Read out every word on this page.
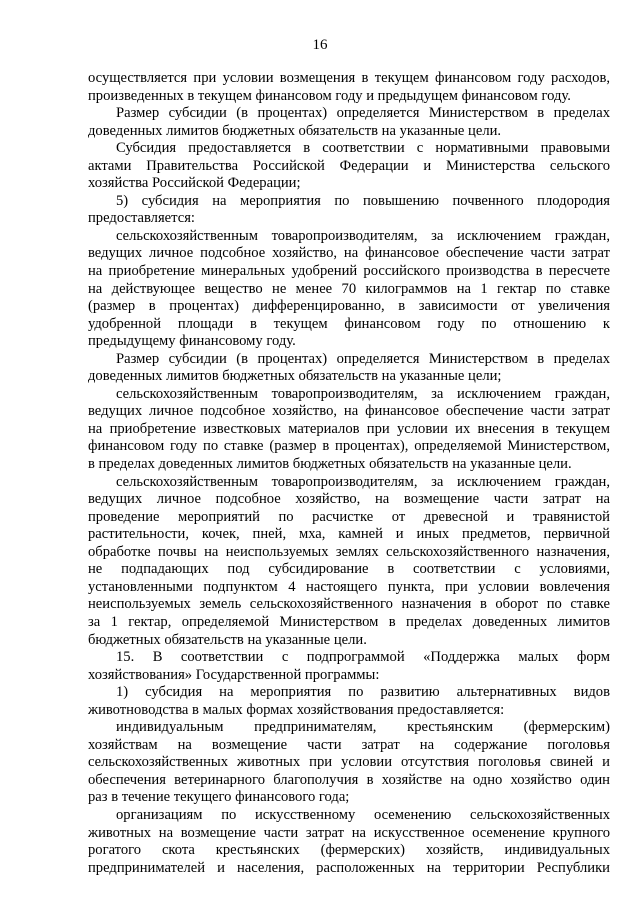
16
осуществляется при условии возмещения в текущем финансовом году расходов,
произведенных в текущем финансовом году и предыдущем финансовом году.
Размер субсидии (в процентах) определяется Министерством в пределах
доведенных лимитов бюджетных обязательств на указанные цели.
Субсидия предоставляется в соответствии с нормативными правовыми
актами Правительства Российской Федерации и Министерства сельского
хозяйства Российской Федерации;
5) субсидия на мероприятия по повышению почвенного плодородия
предоставляется:
сельскохозяйственным товаропроизводителям, за исключением граждан,
ведущих личное подсобное хозяйство, на финансовое обеспечение части затрат
на приобретение минеральных удобрений российского производства в пересчете
на действующее вещество не менее 70 килограммов на 1 гектар по ставке
(размер в процентах) дифференцированно, в зависимости от увеличения
удобренной площади в текущем финансовом году по отношению к
предыдущему финансовому году.
Размер субсидии (в процентах) определяется Министерством в пределах
доведенных лимитов бюджетных обязательств на указанные цели;
сельскохозяйственным товаропроизводителям, за исключением граждан,
ведущих личное подсобное хозяйство, на финансовое обеспечение части затрат
на приобретение известковых материалов при условии их внесения в текущем
финансовом году по ставке (размер в процентах), определяемой Министерством,
в пределах доведенных лимитов бюджетных обязательств на указанные цели.
сельскохозяйственным товаропроизводителям, за исключением граждан,
ведущих личное подсобное хозяйство, на возмещение части затрат на
проведение мероприятий по расчистке от древесной и травянистой
растительности, кочек, пней, мха, камней и иных предметов, первичной
обработке почвы на неиспользуемых землях сельскохозяйственного назначения,
не подпадающих под субсидирование в соответствии с условиями,
установленными подпунктом 4 настоящего пункта, при условии вовлечения
неиспользуемых земель сельскохозяйственного назначения в оборот по ставке
за 1 гектар, определяемой Министерством в пределах доведенных лимитов
бюджетных обязательств на указанные цели.
15. В соответствии с подпрограммой «Поддержка малых форм
хозяйствования» Государственной программы:
1) субсидия на мероприятия по развитию альтернативных видов
животноводства в малых формах хозяйствования предоставляется:
индивидуальным предпринимателям, крестьянским (фермерским)
хозяйствам на возмещение части затрат на содержание поголовья
сельскохозяйственных животных при условии отсутствия поголовья свиней и
обеспечения ветеринарного благополучия в хозяйстве на одно хозяйство один
раз в течение текущего финансового года;
организациям по искусственному осеменению сельскохозяйственных
животных на возмещение части затрат на искусственное осеменение крупного
рогатого скота крестьянских (фермерских) хозяйств, индивидуальных
предпринимателей и населения, расположенных на территории Республики
